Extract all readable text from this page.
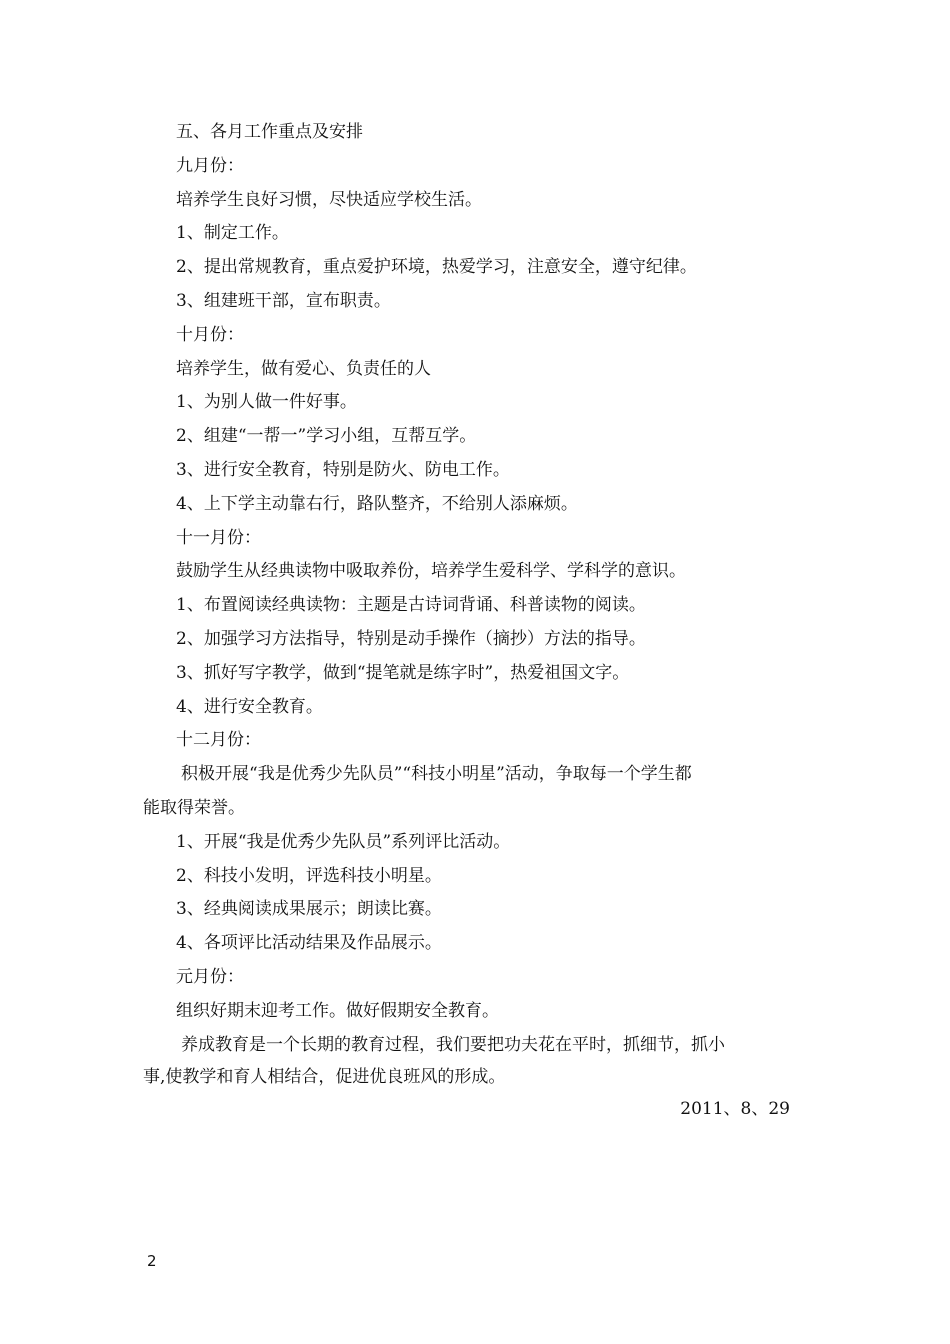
五、各月工作重点及安排
九月份：
培养学生良好习惯，尽快适应学校生活。
1、制定工作。
2、提出常规教育，重点爱护环境，热爱学习，注意安全，遵守纪律。
3、组建班干部，宣布职责。
十月份：
培养学生，做有爱心、负责任的人
1、为别人做一件好事。
2、组建“一帮一”学习小组，互帮互学。
3、进行安全教育，特别是防火、防电工作。
4、上下学主动靠右行，路队整齐，不给别人添麻烦。
十一月份：
鼓励学生从经典读物中吸取养份，培养学生爱科学、学科学的意识。
1、布置阅读经典读物：主题是古诗词背诵、科普读物的阅读。
2、加强学习方法指导，特别是动手操作（摘抄）方法的指导。
3、抓好写字教学，做到“提笔就是练字时”，热爱祖国文字。
4、进行安全教育。
十二月份：
积极开展“我是优秀少先队员”“科技小明星”活动，争取每一个学生都
能取得荣誉。
1、开展“我是优秀少先队员”系列评比活动。
2、科技小发明，评选科技小明星。
3、经典阅读成果展示；朗读比赛。
4、各项评比活动结果及作品展示。
元月份：
组织好期末迎考工作。做好假期安全教育。
养成教育是一个长期的教育过程，我们要把功夫花在平时，抓细节，抓小
事,使教学和育人相结合，促进优良班风的形成。
2011、8、29
2
